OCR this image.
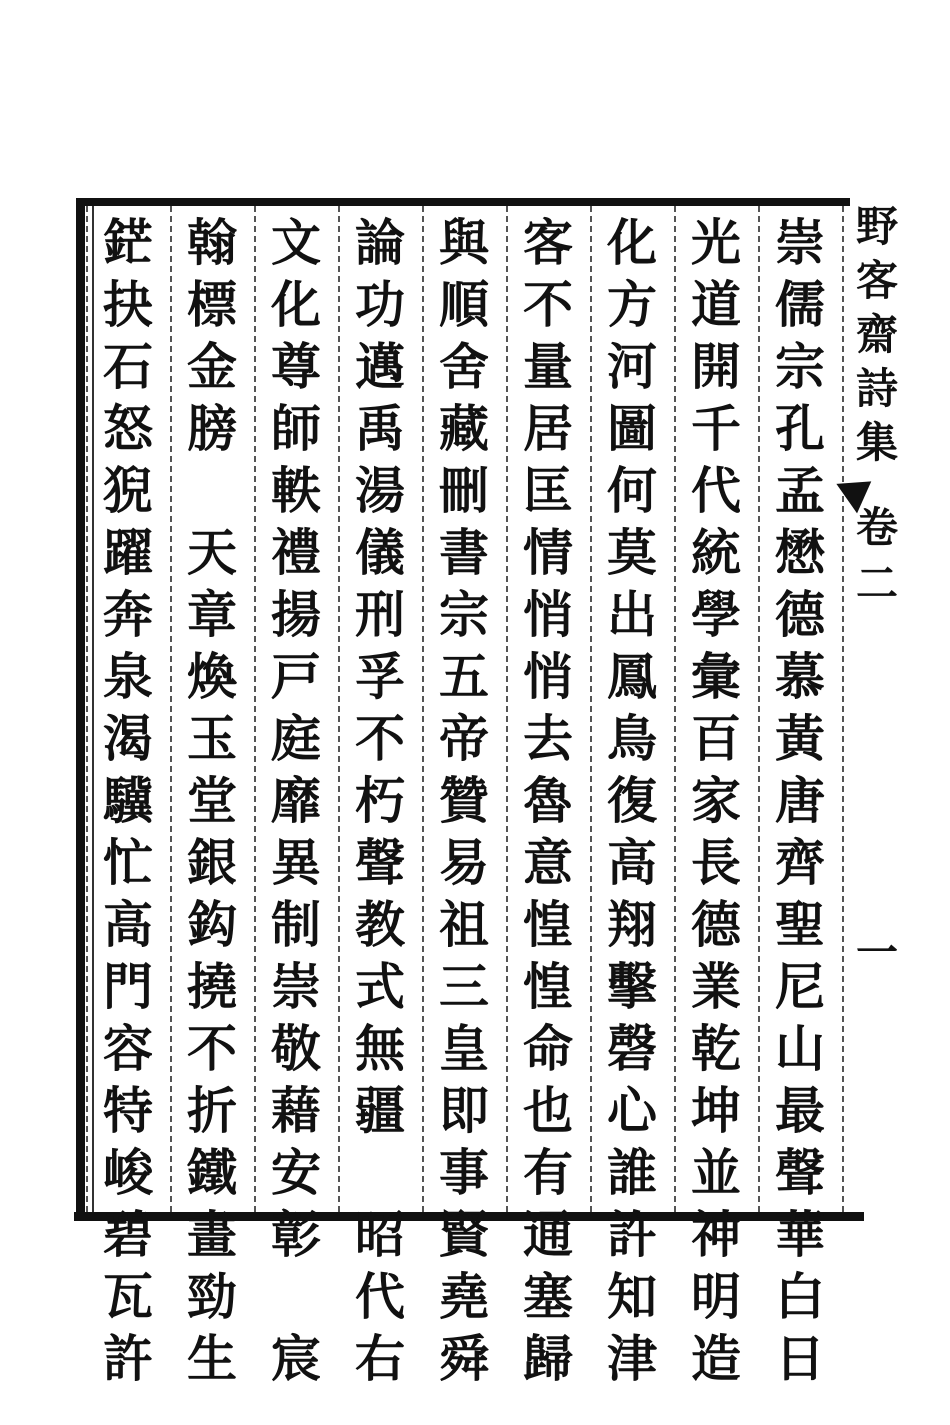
崇
儒
宗
孔
孟
懋
德
慕
黃
唐
齊
聖
尼
山
最
聲
華
白
日
光
道
開
千
代
統
學
彙
百
家
長
德
業
乾
坤
並
神
明
造
化
方
河
圖
何
莫
出
鳳
鳥
復
高
翔
擊
磬
心
誰
許
知
津
客
不
量
居
匡
情
悄
悄
去
魯
意
惶
惶
命
也
有
通
塞
歸
與
順
舍
藏
刪
書
宗
五
帝
贊
易
祖
三
皇
即
事
賢
堯
舜
論
功
邁
禹
湯
儀
刑
孚
不
朽
聲
教
式
無
疆

昭
代
右
文
化
尊
師
軼
禮
揚
戸
庭
靡
異
制
崇
敬
藉
安
彰

宸
翰
標
金
膀

天
章
煥
玉
堂
銀
鈎
撓
不
折
鐵
畫
勁
生
鋩
抉
石
怒
猊
躍
奔
泉
渴
驥
忙
高
門
容
特
峻
碧
瓦
許
野
客
齋
詩
集
卷
二
一
